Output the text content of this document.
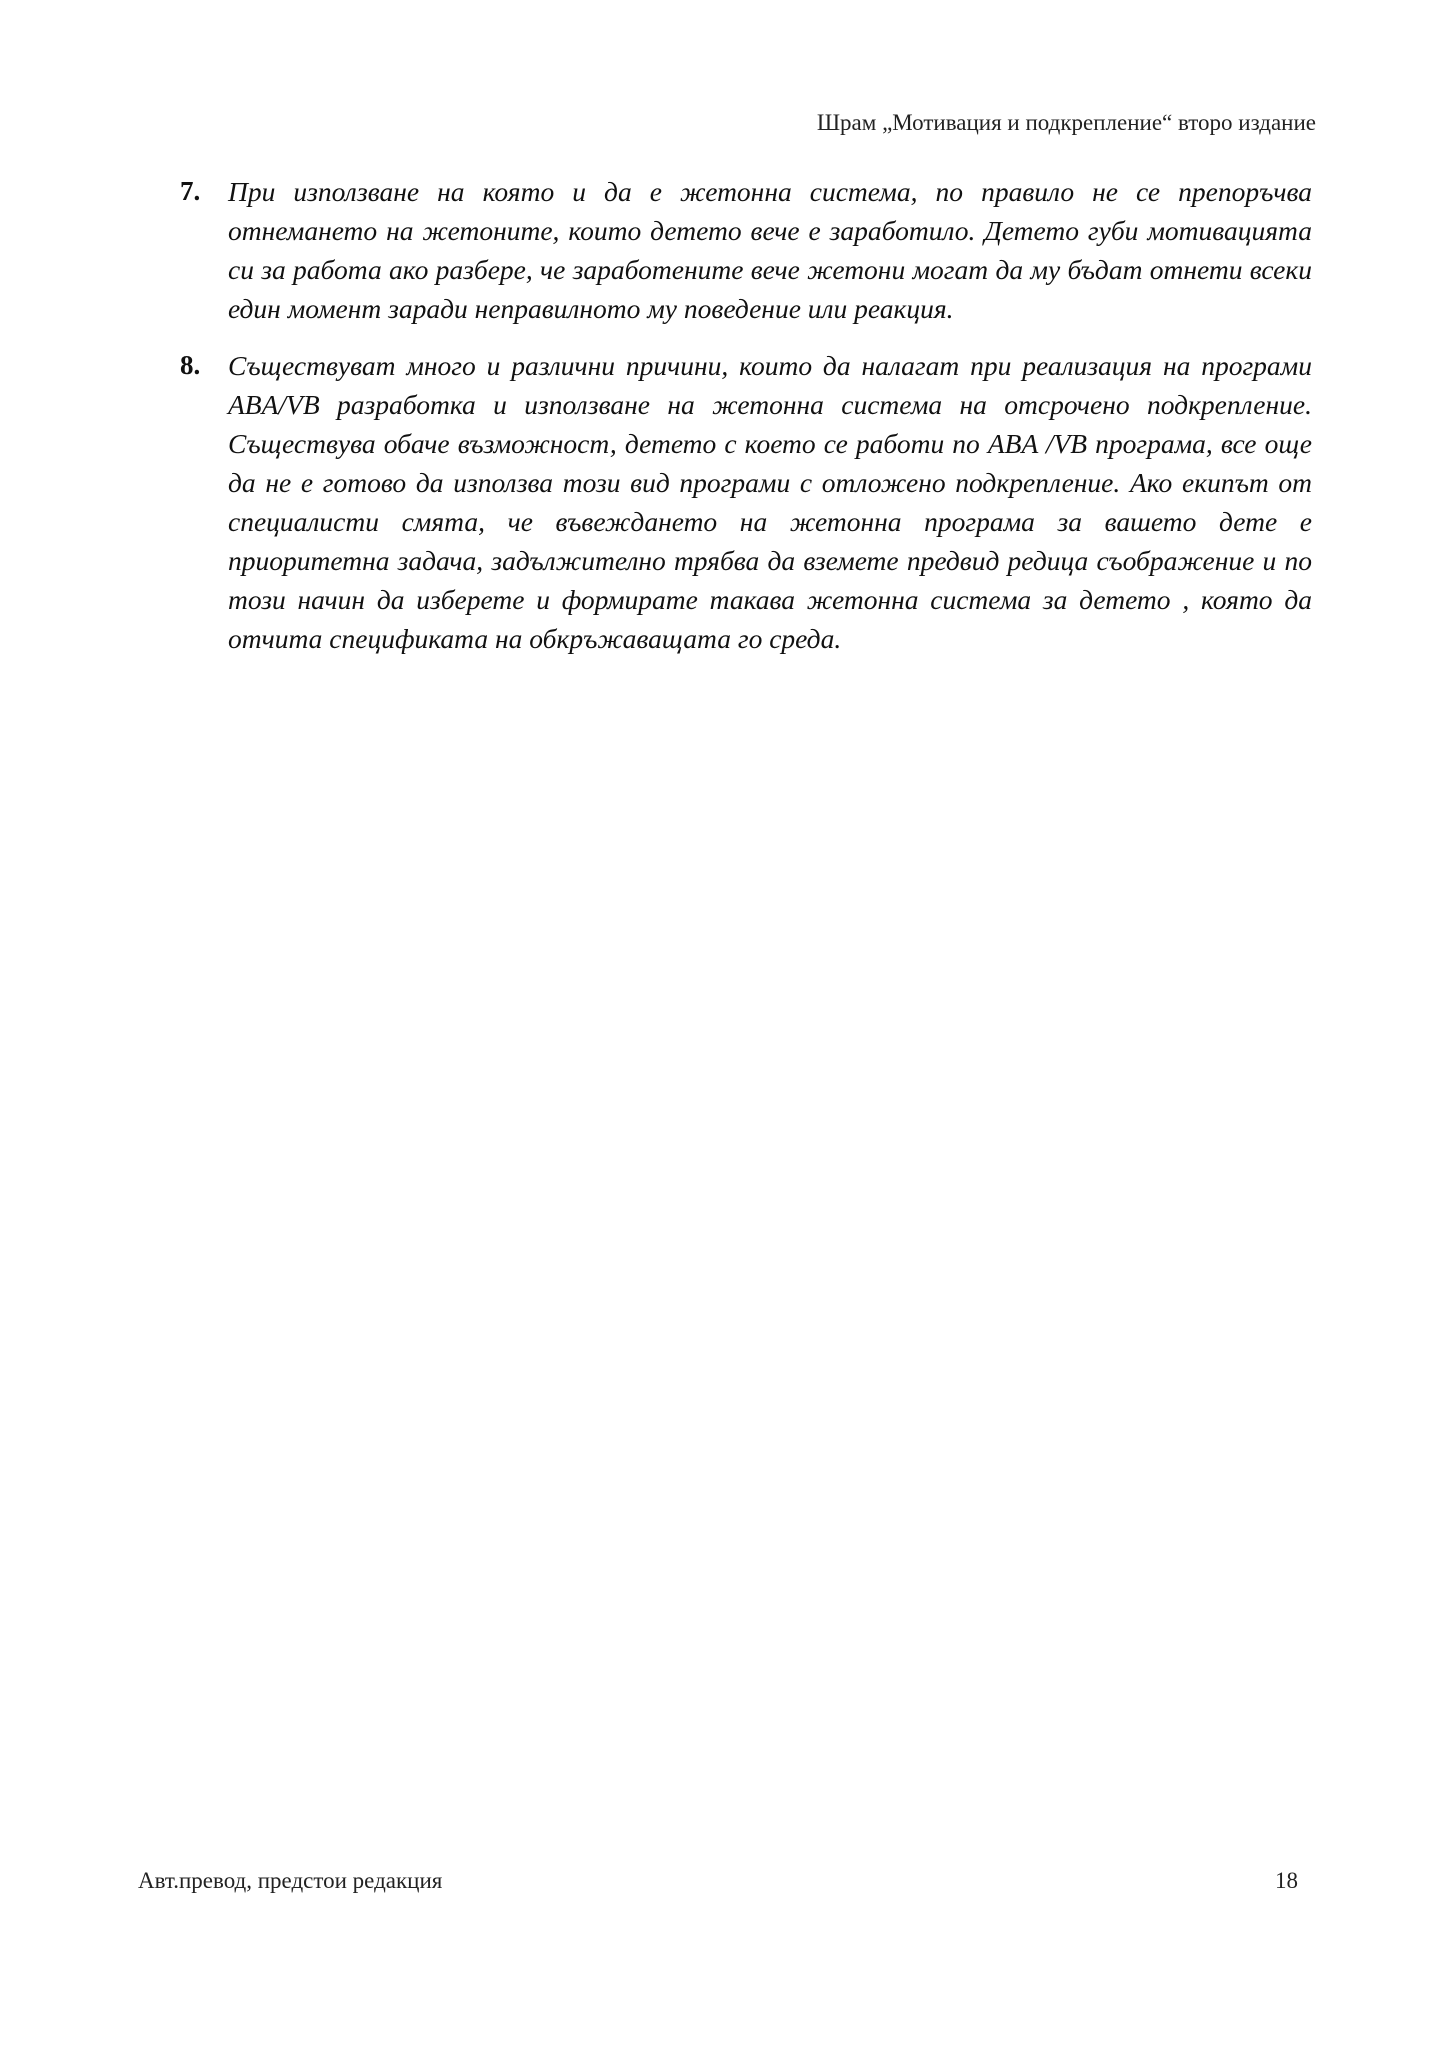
Шрам „Мотивация и подкрепление“ второ издание
7. При използване на която и да е жетонна система, по правило не се препоръчва отнемането на жетоните, които детето вече е заработило. Детето губи мотивацията си за работа ако разбере, че заработените вече жетони могат да му бъдат отнети всеки един момент заради неправилното му поведение или реакция.
8. Съществуват много и различни причини, които да налагат при реализация на програми ABA/VB разработка и използване на жетонна система на отсрочено подкрепление. Съществува обаче възможност, детето с което се работи по ABA /VB програма, все още да не е готово да използва този вид програми с отложено подкрепление. Ако екипът от специалисти смята, че въвеждането на жетонна програма за вашето дете е приоритетна задача, задължително трябва да вземете предвид редица съображение и по този начин да изберете и формирате такава жетонна система за детето , която да отчита спецификата на обкръжаващата го среда.
Авт.превод, предстои редакция	18
